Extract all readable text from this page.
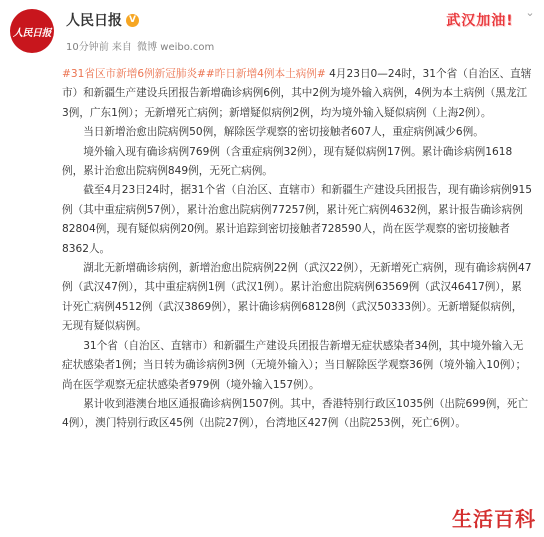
人民日报
人民日报 V
10分钟前 来自 微博 weibo.com
武汉加油!
⌄

#31省区市新增6例新冠肺炎##昨日新增4例本土病例# 4月23日0—24时，31个省（自治区、直辖市）和新疆生产建设兵团报告新增确诊病例6例，其中2例为境外输入病例，4例为本土病例（黑龙江3例，广东1例）；无新增死亡病例；新增疑似病例2例，均为境外输入疑似病例（上海2例）。

当日新增治愈出院病例50例，解除医学观察的密切接触者607人，重症病例减少6例。

境外输入现有确诊病例769例（含重症病例32例），现有疑似病例17例。累计确诊病例1618例，累计治愈出院病例849例，无死亡病例。

截至4月23日24时，据31个省（自治区、直辖市）和新疆生产建设兵团报告，现有确诊病例915例（其中重症病例57例），累计治愈出院病例77257例，累计死亡病例4632例，累计报告确诊病例82804例，现有疑似病例20例。累计追踪到密切接触者728590人，尚在医学观察的密切接触者8362人。

湖北无新增确诊病例，新增治愈出院病例22例（武汉22例），无新增死亡病例，现有确诊病例47例（武汉47例），其中重症病例1例（武汉1例）。累计治愈出院病例63569例（武汉46417例），累计死亡病例4512例（武汉3869例），累计确诊病例68128例（武汉50333例）。无新增疑似病例，无现有疑似病例。

31个省（自治区、直辖市）和新疆生产建设兵团报告新增无症状感染者34例，其中境外输入无症状感染者1例；当日转为确诊病例3例（无境外输入）；当日解除医学观察36例（境外输入10例）；尚在医学观察无症状感染者979例（境外输入157例）。

累计收到港澳台地区通报确诊病例1507例。其中，香港特别行政区1035例（出院699例，死亡4例），澳门特别行政区45例（出院27例），台湾地区427例（出院253例，死亡6例）。

生活百科
